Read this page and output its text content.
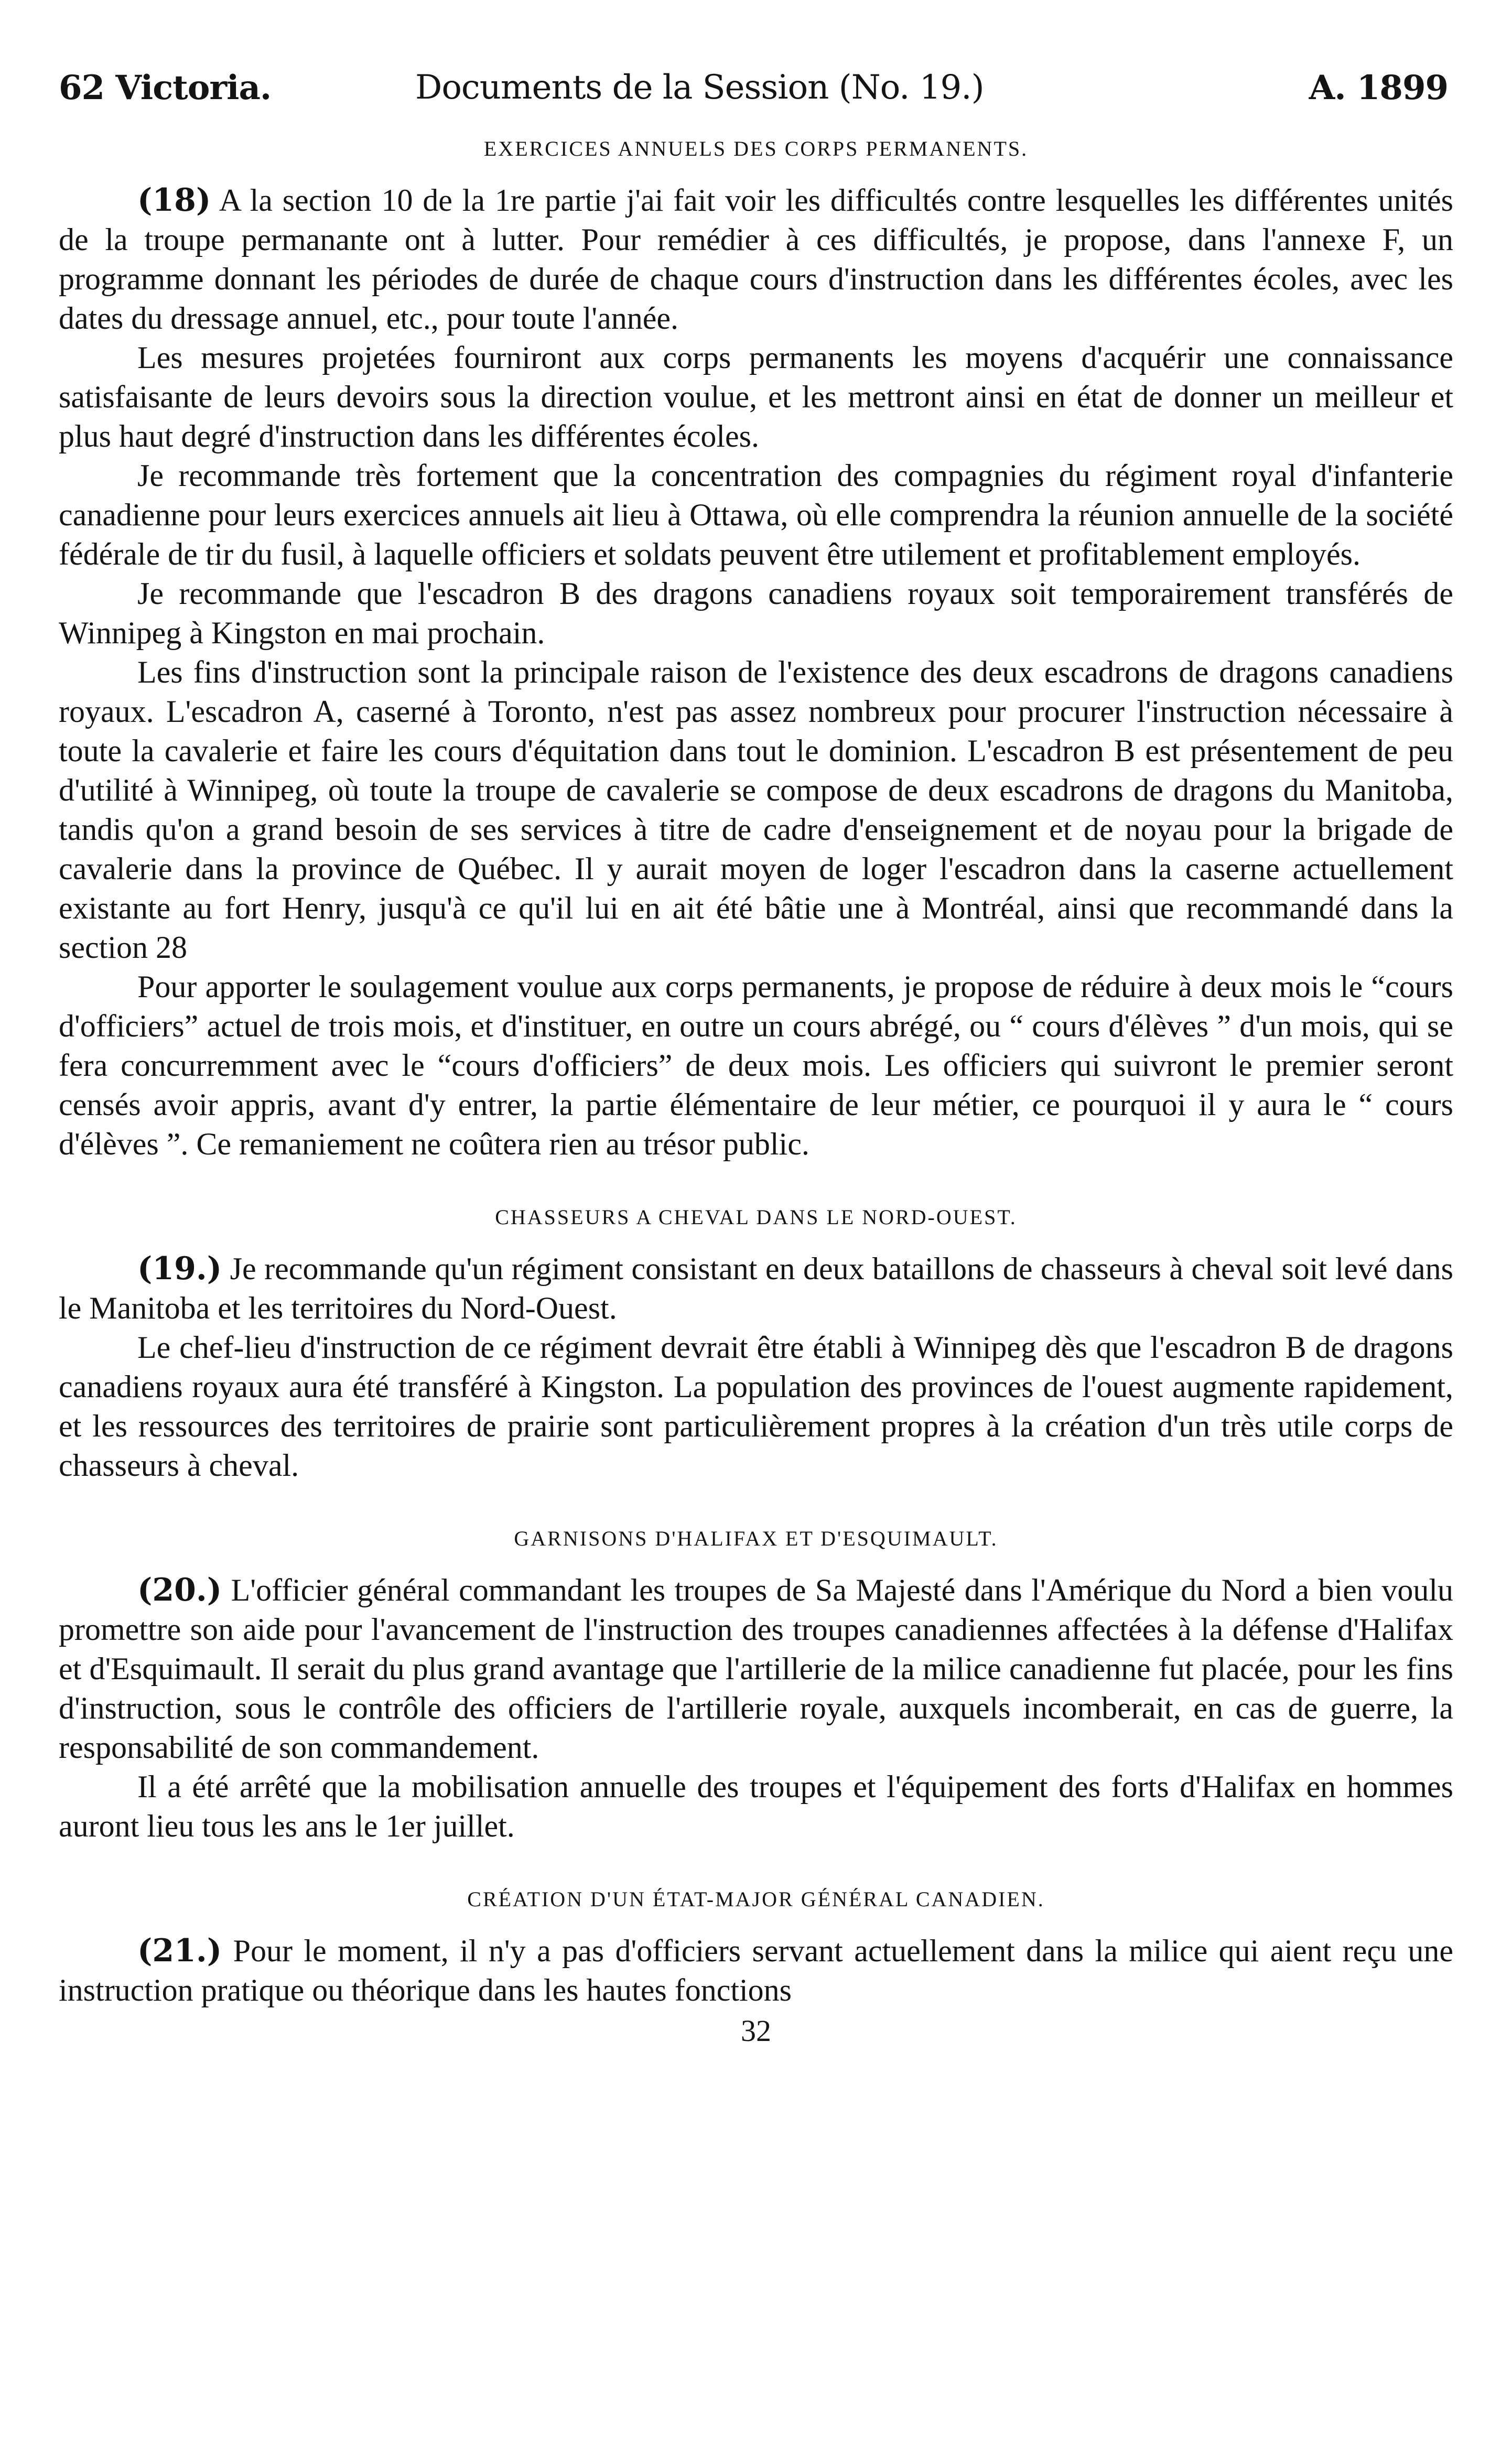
62 Victoria.	Documents de la Session (No. 19.)	A. 1899
EXERCICES ANNUELS DES CORPS PERMANENTS.

(18) A la section 10 de la 1re partie j'ai fait voir les difficultés contre lesquelles les différentes unités de la troupe permanante ont à lutter. Pour remédier à ces difficultés, je propose, dans l'annexe F, un programme donnant les périodes de durée de chaque cours d'instruction dans les différentes écoles, avec les dates du dressage annuel, etc., pour toute l'année.

Les mesures projetées fourniront aux corps permanents les moyens d'acquérir une connaissance satisfaisante de leurs devoirs sous la direction voulue, et les mettront ainsi en état de donner un meilleur et plus haut degré d'instruction dans les différentes écoles.

Je recommande très fortement que la concentration des compagnies du régiment royal d'infanterie canadienne pour leurs exercices annuels ait lieu à Ottawa, où elle comprendra la réunion annuelle de la société fédérale de tir du fusil, à laquelle officiers et soldats peuvent être utilement et profitablement employés.

Je recommande que l'escadron B des dragons canadiens royaux soit temporairement transférés de Winnipeg à Kingston en mai prochain.

Les fins d'instruction sont la principale raison de l'existence des deux escadrons de dragons canadiens royaux. L'escadron A, caserné à Toronto, n'est pas assez nombreux pour procurer l'instruction nécessaire à toute la cavalerie et faire les cours d'équitation dans tout le dominion. L'escadron B est présentement de peu d'utilité à Winnipeg, où toute la troupe de cavalerie se compose de deux escadrons de dragons du Manitoba, tandis qu'on a grand besoin de ses services à titre de cadre d'enseignement et de noyau pour la brigade de cavalerie dans la province de Québec. Il y aurait moyen de loger l'escadron dans la caserne actuellement existante au fort Henry, jusqu'à ce qu'il lui en ait été bâtie une à Montréal, ainsi que recommandé dans la section 28

Pour apporter le soulagement voulue aux corps permanents, je propose de réduire à deux mois le “cours d'officiers” actuel de trois mois, et d'instituer, en outre un cours abrégé, ou “ cours d'élèves ” d'un mois, qui se fera concurremment avec le “cours d'officiers” de deux mois. Les officiers qui suivront le premier seront censés avoir appris, avant d'y entrer, la partie élémentaire de leur métier, ce pourquoi il y aura le “ cours d'élèves ”. Ce remaniement ne coûtera rien au trésor public.

CHASSEURS A CHEVAL DANS LE NORD-OUEST.

(19.) Je recommande qu'un régiment consistant en deux bataillons de chasseurs à cheval soit levé dans le Manitoba et les territoires du Nord-Ouest.

Le chef-lieu d'instruction de ce régiment devrait être établi à Winnipeg dès que l'escadron B de dragons canadiens royaux aura été transféré à Kingston. La population des provinces de l'ouest augmente rapidement, et les ressources des territoires de prairie sont particulièrement propres à la création d'un très utile corps de chasseurs à cheval.

GARNISONS D'HALIFAX ET D'ESQUIMAULT.

(20.) L'officier général commandant les troupes de Sa Majesté dans l'Amérique du Nord a bien voulu promettre son aide pour l'avancement de l'instruction des troupes canadiennes affectées à la défense d'Halifax et d'Esquimault. Il serait du plus grand avantage que l'artillerie de la milice canadienne fut placée, pour les fins d'instruction, sous le contrôle des officiers de l'artillerie royale, auxquels incomberait, en cas de guerre, la responsabilité de son commandement.

Il a été arrêté que la mobilisation annuelle des troupes et l'équipement des forts d'Halifax en hommes auront lieu tous les ans le 1er juillet.

CRÉATION D'UN ÉTAT-MAJOR GÉNÉRAL CANADIEN.

(21.) Pour le moment, il n'y a pas d'officiers servant actuellement dans la milice qui aient reçu une instruction pratique ou théorique dans les hautes fonctions

32
